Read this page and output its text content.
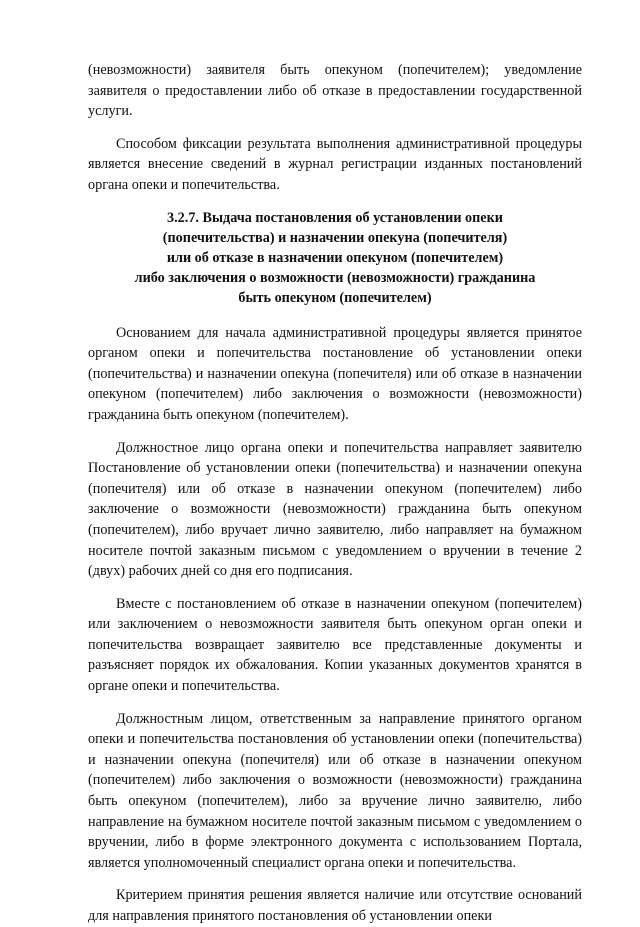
(невозможности) заявителя быть опекуном (попечителем); уведомление заявителя о предоставлении либо об отказе в предоставлении государственной услуги.

Способом фиксации результата выполнения административной процедуры является внесение сведений в журнал регистрации изданных постановлений органа опеки и попечительства.

3.2.7. Выдача постановления об установлении опеки
(попечительства) и назначении опекуна (попечителя)
или об отказе в назначении опекуном (попечителем)
либо заключения о возможности (невозможности) гражданина
быть опекуном (попечителем)

Основанием для начала административной процедуры является принятое органом опеки и попечительства постановление об установлении опеки (попечительства) и назначении опекуна (попечителя) или об отказе в назначении опекуном (попечителем) либо заключения о возможности (невозможности) гражданина быть опекуном (попечителем).

Должностное лицо органа опеки и попечительства направляет заявителю Постановление об установлении опеки (попечительства) и назначении опекуна (попечителя) или об отказе в назначении опекуном (попечителем) либо заключение о возможности (невозможности) гражданина быть опекуном (попечителем), либо вручает лично заявителю, либо направляет на бумажном носителе почтой заказным письмом с уведомлением о вручении в течение 2 (двух) рабочих дней со дня его подписания.

Вместе с постановлением об отказе в назначении опекуном (попечителем) или заключением о невозможности заявителя быть опекуном орган опеки и попечительства возвращает заявителю все представленные документы и разъясняет порядок их обжалования. Копии указанных документов хранятся в органе опеки и попечительства.

Должностным лицом, ответственным за направление принятого органом опеки и попечительства постановления об установлении опеки (попечительства) и назначении опекуна (попечителя) или об отказе в назначении опекуном (попечителем) либо заключения о возможности (невозможности) гражданина быть опекуном (попечителем), либо за вручение лично заявителю, либо направление на бумажном носителе почтой заказным письмом с уведомлением о вручении, либо в форме электронного документа с использованием Портала, является уполномоченный специалист органа опеки и попечительства.

Критерием принятия решения является наличие или отсутствие оснований для направления принятого постановления об установлении опеки
